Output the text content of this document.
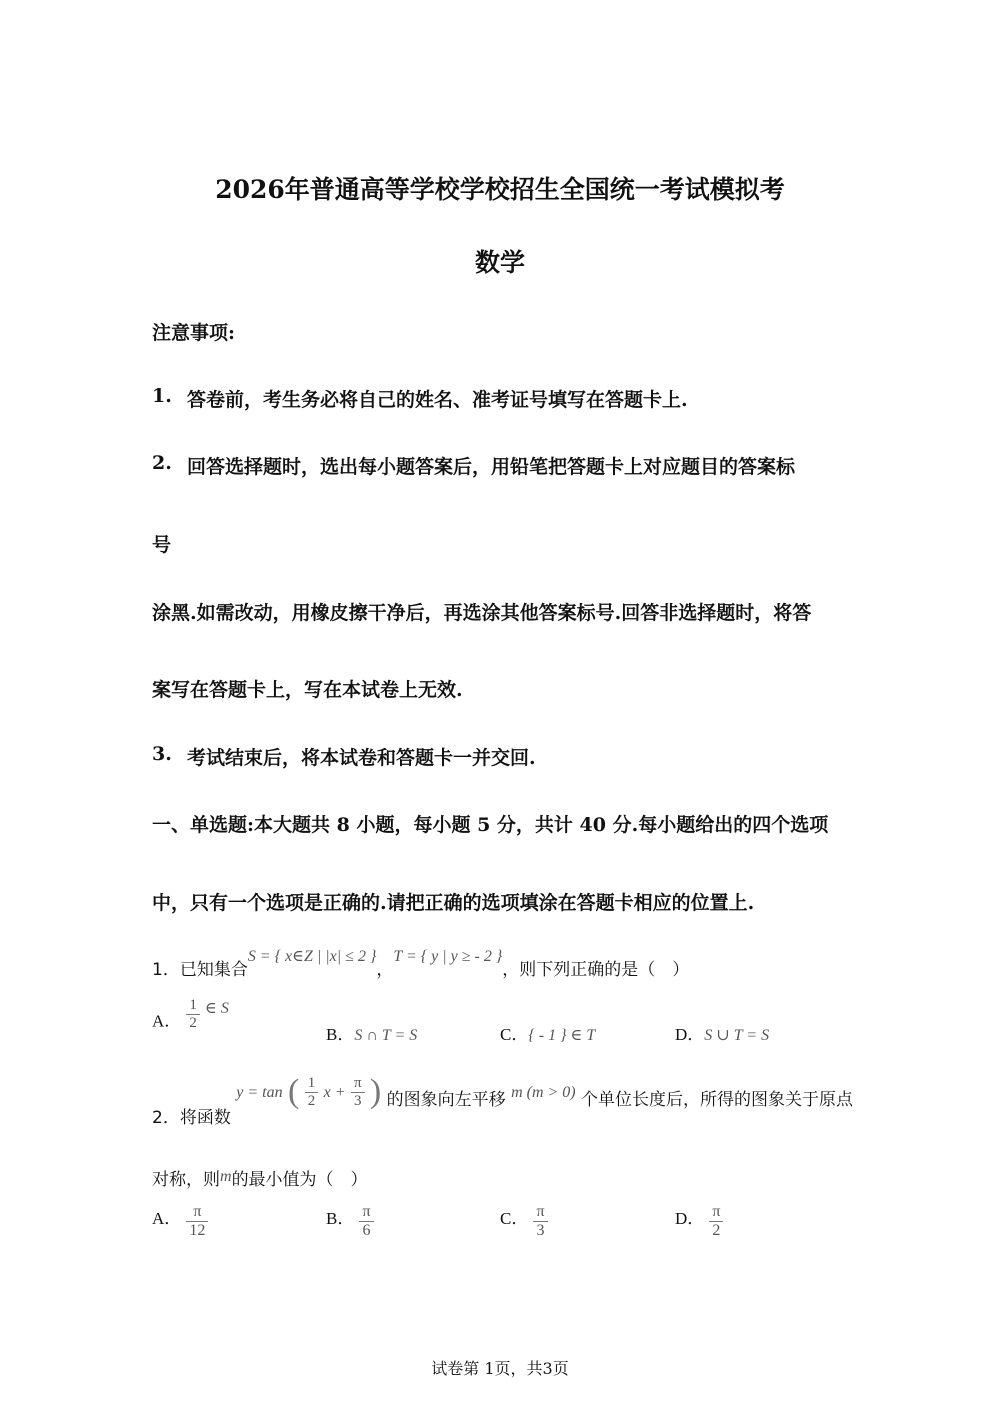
2026年普通高等学校学校招生全国统一考试模拟考
数学
注意事项:
1. 答卷前，考生务必将自己的姓名、准考证号填写在答题卡上.
2. 回答选择题时，选出每小题答案后，用铅笔把答题卡上对应题目的答案标
号
涂黑.如需改动，用橡皮擦干净后，再选涂其他答案标号.回答非选择题时，将答
案写在答题卡上，写在本试卷上无效.
3. 考试结束后，将本试卷和答题卡一并交回.
一、单选题:本大题共 8 小题，每小题 5 分，共计 40 分.每小题给出的四个选项
中，只有一个选项是正确的.请把正确的选项填涂在答题卡相应的位置上.
1．已知集合S = { x∈Z | |x| ≤ 2 }，T = { y | y ≥ - 2 }，则下列正确的是（　）
A． $\frac{1}{2}$ ∈ S
B．S ∩ T = S	C．{ - 1 } ∈ T	D．S ∪ T = S
2．将函数 y = tan ( $\frac{1}{2}$ $x + \frac{\pi}{3}$ ) 的图象向左平移 m (m > 0) 个单位长度后，所得的图象关于原点
对称，则m的最小值为（　）
A． $\frac{\pi}{12}$	B． $\frac{\pi}{6}$	C． $\frac{\pi}{3}$	D． $\frac{\pi}{2}$
试卷第 1页，共3页
